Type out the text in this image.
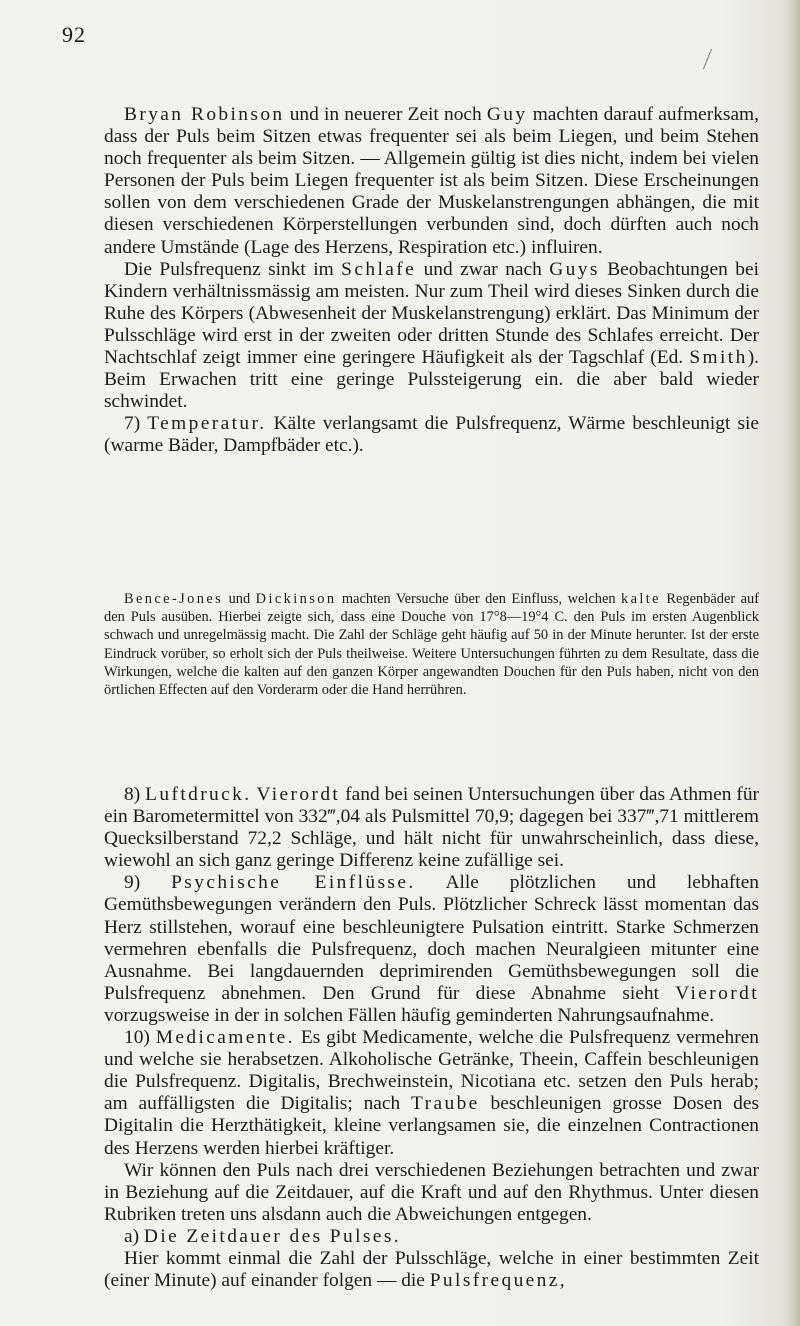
92

Bryan Robinson und in neuerer Zeit noch Guy machten darauf aufmerksam, dass der Puls beim Sitzen etwas frequenter sei als beim Liegen, und beim Stehen noch frequenter als beim Sitzen. — Allgemein gültig ist dies nicht, indem bei vielen Personen der Puls beim Liegen frequenter ist als beim Sitzen. Diese Erscheinungen sollen von dem verschiedenen Grade der Muskelanstrengungen abhängen, die mit diesen verschiedenen Körperstellungen verbunden sind, doch dürften auch noch andere Umstände (Lage des Herzens, Respiration etc.) influiren.

Die Pulsfrequenz sinkt im Schlafe und zwar nach Guys Beobachtungen bei Kindern verhältnissmässig am meisten. Nur zum Theil wird dieses Sinken durch die Ruhe des Körpers (Abwesenheit der Muskelanstrengung) erklärt. Das Minimum der Pulsschläge wird erst in der zweiten oder dritten Stunde des Schlafes erreicht. Der Nachtschlaf zeigt immer eine geringere Häufigkeit als der Tagschlaf (Ed. Smith). Beim Erwachen tritt eine geringe Pulssteigerung ein. die aber bald wieder schwindet.

7) Temperatur. Kälte verlangsamt die Pulsfrequenz, Wärme beschleunigt sie (warme Bäder, Dampfbäder etc.).

Bence-Jones und Dickinson machten Versuche über den Einfluss, welchen kalte Regenbäder auf den Puls ausüben. Hierbei zeigte sich, dass eine Douche von 17°8—19°4 C. den Puls im ersten Augenblick schwach und unregelmässig macht. Die Zahl der Schläge geht häufig auf 50 in der Minute herunter. Ist der erste Eindruck vorüber, so erholt sich der Puls theilweise. Weitere Untersuchungen führten zu dem Resultate, dass die Wirkungen, welche die kalten auf den ganzen Körper angewandten Douchen für den Puls haben, nicht von den örtlichen Effecten auf den Vorderarm oder die Hand herrühren.

8) Luftdruck. Vierordt fand bei seinen Untersuchungen über das Athmen für ein Barometermittel von 332‴,04 als Pulsmittel 70,9; dagegen bei 337‴,71 mittlerem Quecksilberstand 72,2 Schläge, und hält nicht für unwahrscheinlich, dass diese, wiewohl an sich ganz geringe Differenz keine zufällige sei.

9) Psychische Einflüsse. Alle plötzlichen und lebhaften Gemüthsbewegungen verändern den Puls. Plötzlicher Schreck lässt momentan das Herz stillstehen, worauf eine beschleunigtere Pulsation eintritt. Starke Schmerzen vermehren ebenfalls die Pulsfrequenz, doch machen Neuralgieen mitunter eine Ausnahme. Bei langdauernden deprimirenden Gemüthsbewegungen soll die Pulsfrequenz abnehmen. Den Grund für diese Abnahme sieht Vierordt vorzugsweise in der in solchen Fällen häufig geminderten Nahrungsaufnahme.

10) Medicamente. Es gibt Medicamente, welche die Pulsfrequenz vermehren und welche sie herabsetzen. Alkoholische Getränke, Theein, Caffein beschleunigen die Pulsfrequenz. Digitalis, Brechweinstein, Nicotiana etc. setzen den Puls herab; am auffälligsten die Digitalis; nach Traube beschleunigen grosse Dosen des Digitalin die Herzthätigkeit, kleine verlangsamen sie, die einzelnen Contractionen des Herzens werden hierbei kräftiger.

Wir können den Puls nach drei verschiedenen Beziehungen betrachten und zwar in Beziehung auf die Zeitdauer, auf die Kraft und auf den Rhythmus. Unter diesen Rubriken treten uns alsdann auch die Abweichungen entgegen.

a) Die Zeitdauer des Pulses.

Hier kommt einmal die Zahl der Pulsschläge, welche in einer bestimmten Zeit (einer Minute) auf einander folgen — die Pulsfrequenz,
